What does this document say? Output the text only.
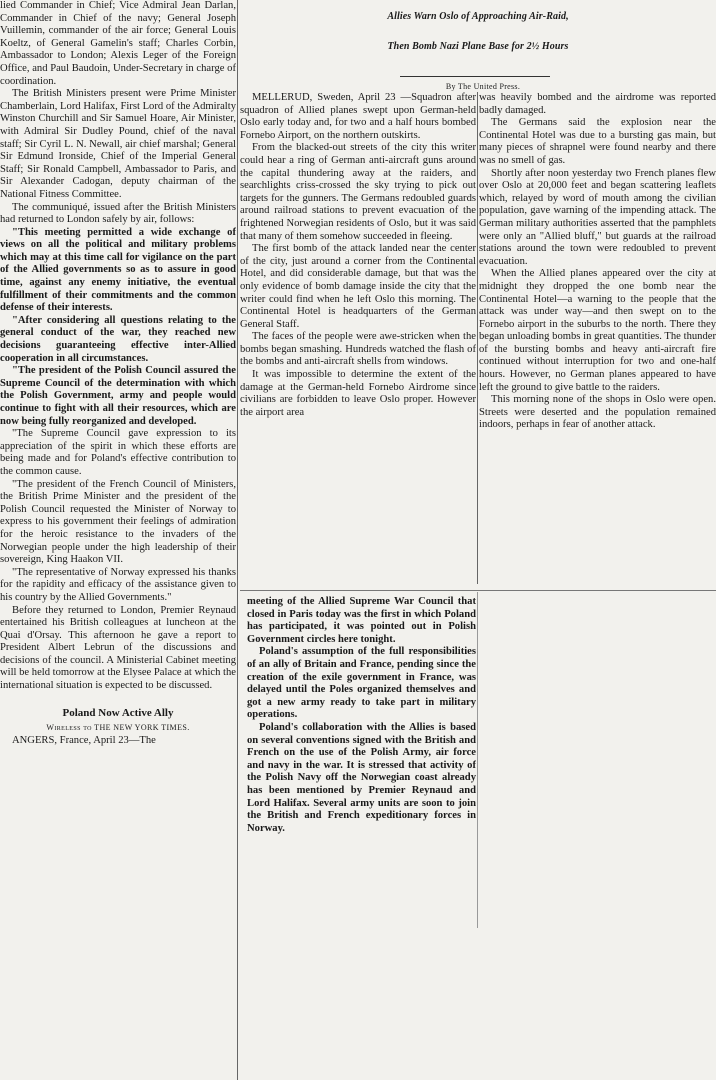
lied Commander in Chief; Vice Admiral Jean Darlan, Commander in Chief of the navy; General Joseph Vuillemin, commander of the air force; General Louis Koeltz, of General Gamelin's staff; Charles Corbin, Ambassador to London; Alexis Leger of the Foreign Office, and Paul Baudoin, Under-Secretary in charge of coordination.

The British Ministers present were Prime Minister Chamberlain, Lord Halifax, First Lord of the Admiralty Winston Churchill and Sir Samuel Hoare, Air Minister, with Admiral Sir Dudley Pound, chief of the naval staff; Sir Cyril L. N. Newall, air chief marshal; General Sir Edmund Ironside, Chief of the Imperial General Staff; Sir Ronald Campbell, Ambassador to Paris, and Sir Alexander Cadogan, deputy chairman of the National Fitness Committee.

The communiqué, issued after the British Ministers had returned to London safely by air, follows:

"This meeting permitted a wide exchange of views on all the political and military problems which may at this time call for vigilance on the part of the Allied governments so as to assure in good time, against any enemy initiative, the eventual fulfillment of their commitments and the common defense of their interests.

"After considering all questions relating to the general conduct of the war, they reached new decisions guaranteeing effective inter-Allied cooperation in all circumstances.

"The president of the Polish Council assured the Supreme Council of the determination with which the Polish Government, army and people would continue to fight with all their resources, which are now being fully reorganized and developed.

"The Supreme Council gave expression to its appreciation of the spirit in which these efforts are being made and for Poland's effective contribution to the common cause.

"The president of the French Council of Ministers, the British Prime Minister and the president of the Polish Council requested the Minister of Norway to express to his government their feelings of admiration for the heroic resistance to the invaders of the Norwegian people under the high leadership of their sovereign, King Haakon VII.

"The representative of Norway expressed his thanks for the rapidity and efficacy of the assistance given to his country by the Allied Governments."

Before they returned to London, Premier Reynaud entertained his British colleagues at luncheon at the Quai d'Orsay. This afternoon he gave a report to President Albert Lebrun of the discussions and decisions of the council. A Ministerial Cabinet meeting will be held tomorrow at the Elysee Palace at which the international situation is expected to be discussed.

Poland Now Active Ally
Wireless to THE NEW YORK TIMES.

ANGERS, France, April 23—The

Allies Warn Oslo of Approaching Air-Raid,
Then Bomb Nazi Plane Base for 2½ Hours
By The United Press.

MELLERUD, Sweden, April 23 —Squadron after squadron of Allied planes swept upon German-held Oslo early today and, for two and a half hours bombed Fornebo Airport, on the northern outskirts.

From the blacked-out streets of the city this writer could hear a ring of German anti-aircraft guns around the capital thundering away at the raiders, and searchlights criss-crossed the sky trying to pick out targets for the gunners. The Germans redoubled guards around railroad stations to prevent evacuation of the frightened Norwegian residents of Oslo, but it was said that many of them somehow succeeded in fleeing.

The first bomb of the attack landed near the center of the city, just around a corner from the Continental Hotel, and did considerable damage, but that was the only evidence of bomb damage inside the city that the writer could find when he left Oslo this morning. The Continental Hotel is headquarters of the German General Staff.

The faces of the people were awe-stricken when the bombs began smashing. Hundreds watched the flash of the bombs and anti-aircraft shells from windows.

It was impossible to determine the extent of the damage at the German-held Fornebo Airdrome since civilians are forbidden to leave Oslo proper. However the airport area

was heavily bombed and the airdrome was reported badly damaged.

The Germans said the explosion near the Continental Hotel was due to a bursting gas main, but many pieces of shrapnel were found nearby and there was no smell of gas.

Shortly after noon yesterday two French planes flew over Oslo at 20,000 feet and began scattering leaflets which, relayed by word of mouth among the civilian population, gave warning of the impending attack. The German military authorities asserted that the pamphlets were only an "Allied bluff," but guards at the railroad stations around the town were redoubled to prevent evacuation.

When the Allied planes appeared over the city at midnight they dropped the one bomb near the Continental Hotel—a warning to the people that the attack was under way—and then swept on to the Fornebo airport in the suburbs to the north. There they began unloading bombs in great quantities. The thunder of the bursting bombs and heavy anti-aircraft fire continued without interruption for two and one-half hours. However, no German planes appeared to have left the ground to give battle to the raiders.

This morning none of the shops in Oslo were open. Streets were deserted and the population remained indoors, perhaps in fear of another attack.

meeting of the Allied Supreme War Council that closed in Paris today was the first in which Poland has participated, it was pointed out in Polish Government circles here tonight.

Poland's assumption of the full responsibilities of an ally of Britain and France, pending since the creation of the exile government in France, was delayed until the Poles organized themselves and got a new army ready to take part in military operations.

Poland's collaboration with the Allies is based on several conventions signed with the British and French on the use of the Polish Army, air force and navy in the war. It is stressed that activity of the Polish Navy off the Norwegian coast already has been mentioned by Premier Reynaud and Lord Halifax. Several army units are soon to join the British and French expeditionary forces in Norway.
